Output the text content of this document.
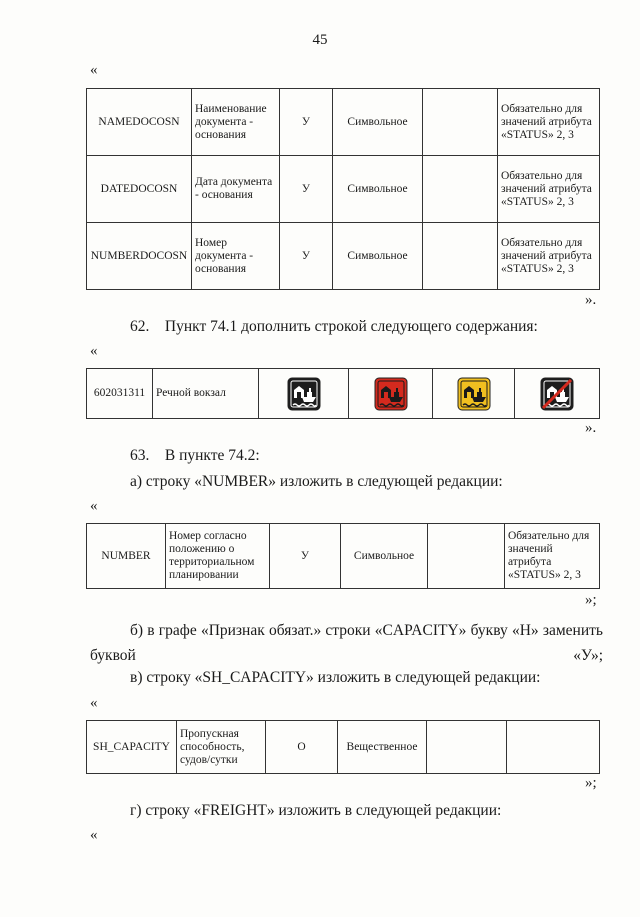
45
«
NAMEDOCOSN	Наименование документа - основания	У	Символьное		Обязательно для значений атрибута «STATUS» 2, 3
DATEDOCOSN	Дата документа - основания	У	Символьное		Обязательно для значений атрибута «STATUS» 2, 3
NUMBERDOCOSN	Номер документа - основания	У	Символьное		Обязательно для значений атрибута «STATUS» 2, 3
».
62.    Пункт 74.1 дополнить строкой следующего содержания:
«
602031311	Речной вокзал	

».
63.    В пункте 74.2:
а) строку «NUMBER» изложить в следующей редакции:
«
NUMBER	Номер согласно положению о территориальном планировании	У	Символьное		Обязательно для значений атрибута «STATUS» 2, 3
»;
б) в графе «Признак обязат.» строки «CAPACITY» букву «Н» заменить буквой «У»;
в) строку «SH_CAPACITY» изложить в следующей редакции:
«
SH_CAPACITY	Пропускная способность, судов/сутки	О	Вещественное		
»;
г) строку «FREIGHT» изложить в следующей редакции:
«
